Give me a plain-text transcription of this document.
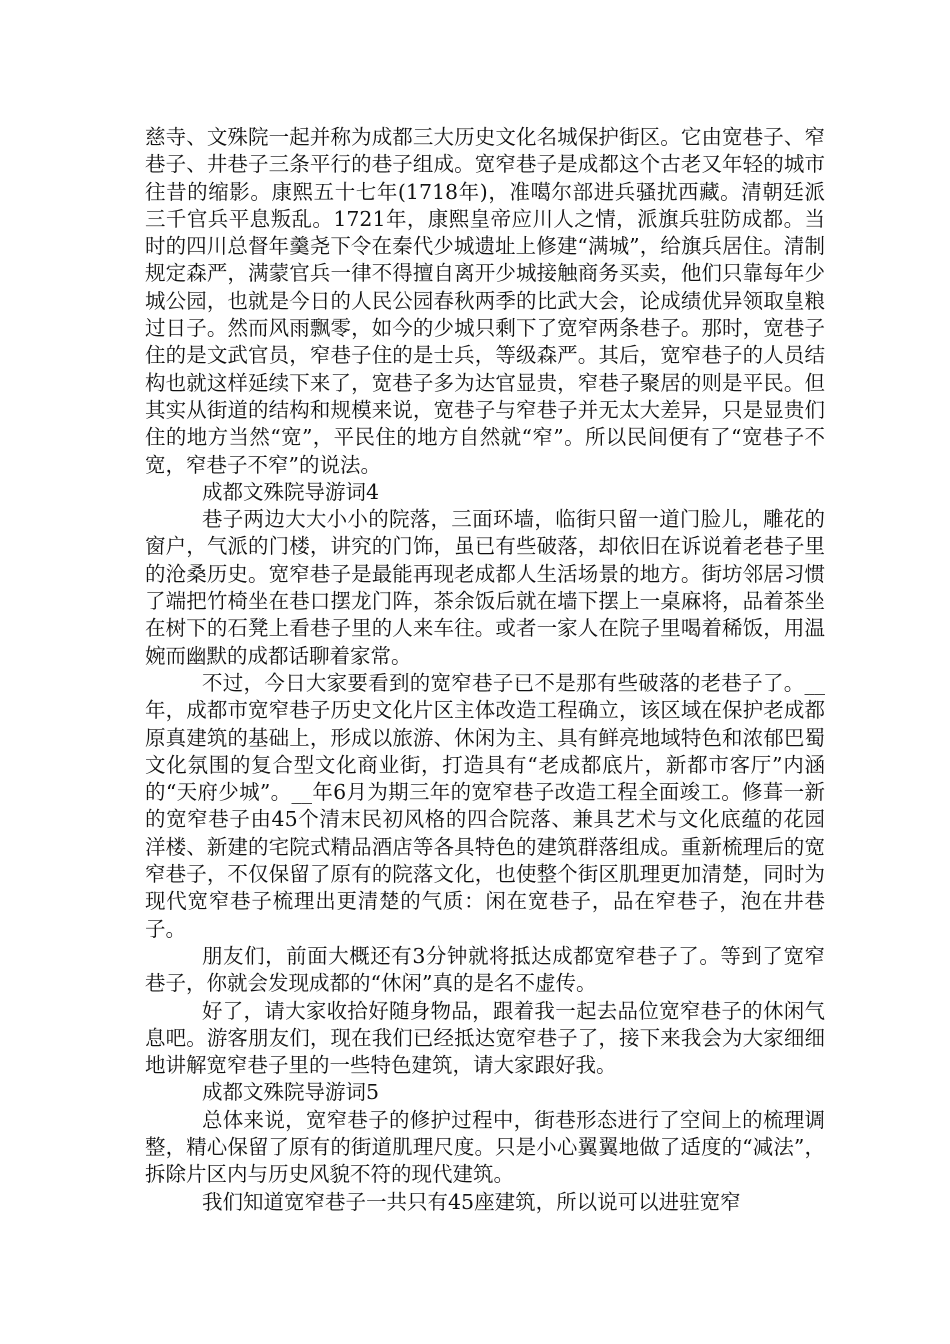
慈寺、文殊院一起并称为成都三大历史文化名城保护街区。它由宽巷子、窄巷子、井巷子三条平行的巷子组成。宽窄巷子是成都这个古老又年轻的城市往昔的缩影。康熙五十七年(1718年)，准噶尔部进兵骚扰西藏。清朝廷派三千官兵平息叛乱。1721年，康熙皇帝应川人之情，派旗兵驻防成都。当时的四川总督年羹尧下令在秦代少城遗址上修建“满城”，给旗兵居住。清制规定森严，满蒙官兵一律不得擅自离开少城接触商务买卖，他们只靠每年少城公园，也就是今日的人民公园春秋两季的比武大会，论成绩优异领取皇粮过日子。然而风雨飘零，如今的少城只剩下了宽窄两条巷子。那时，宽巷子住的是文武官员，窄巷子住的是士兵，等级森严。其后，宽窄巷子的人员结构也就这样延续下来了，宽巷子多为达官显贵，窄巷子聚居的则是平民。但其实从街道的结构和规模来说，宽巷子与窄巷子并无太大差异，只是显贵们住的地方当然“宽”，平民住的地方自然就“窄”。所以民间便有了“宽巷子不宽，窄巷子不窄”的说法。

成都文殊院导游词4

巷子两边大大小小的院落，三面环墙，临街只留一道门脸儿，雕花的窗户，气派的门楼，讲究的门饰，虽已有些破落，却依旧在诉说着老巷子里的沧桑历史。宽窄巷子是最能再现老成都人生活场景的地方。街坊邻居习惯了端把竹椅坐在巷口摆龙门阵，茶余饭后就在墙下摆上一桌麻将，品着茶坐在树下的石凳上看巷子里的人来车往。或者一家人在院子里喝着稀饭，用温婉而幽默的成都话聊着家常。

不过，今日大家要看到的宽窄巷子已不是那有些破落的老巷子了。__年，成都市宽窄巷子历史文化片区主体改造工程确立，该区域在保护老成都原真建筑的基础上，形成以旅游、休闲为主、具有鲜亮地域特色和浓郁巴蜀文化氛围的复合型文化商业街，打造具有“老成都底片，新都市客厅”内涵的“天府少城”。__年6月为期三年的宽窄巷子改造工程全面竣工。修葺一新的宽窄巷子由45个清末民初风格的四合院落、兼具艺术与文化底蕴的花园洋楼、新建的宅院式精品酒店等各具特色的建筑群落组成。重新梳理后的宽窄巷子，不仅保留了原有的院落文化，也使整个街区肌理更加清楚，同时为现代宽窄巷子梳理出更清楚的气质：闲在宽巷子，品在窄巷子，泡在井巷子。

朋友们，前面大概还有3分钟就将抵达成都宽窄巷子了。等到了宽窄巷子，你就会发现成都的“休闲”真的是名不虚传。

好了，请大家收拾好随身物品，跟着我一起去品位宽窄巷子的休闲气息吧。游客朋友们，现在我们已经抵达宽窄巷子了，接下来我会为大家细细地讲解宽窄巷子里的一些特色建筑，请大家跟好我。

成都文殊院导游词5

总体来说，宽窄巷子的修护过程中，街巷形态进行了空间上的梳理调整，精心保留了原有的街道肌理尺度。只是小心翼翼地做了适度的“减法”，拆除片区内与历史风貌不符的现代建筑。

我们知道宽窄巷子一共只有45座建筑，所以说可以进驻宽窄
